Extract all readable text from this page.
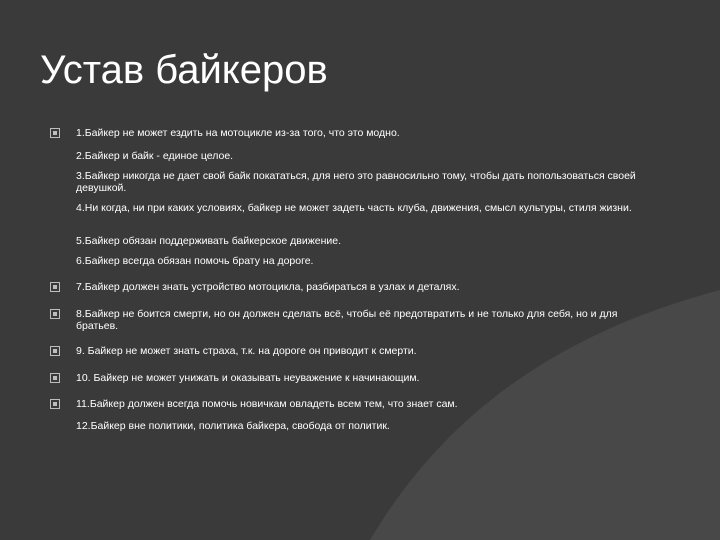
Устав байкеров

1.Байкер не может ездить на мотоцикле из-за того, что это модно.

2.Байкер и байк - единое целое.

3.Байкер никогда не дает свой байк покататься, для него это равносильно тому, чтобы дать попользоваться своей девушкой.

4.Ни когда, ни при каких условиях, байкер не может задеть часть клуба, движения, смысл культуры, стиля жизни.

5.Байкер обязан поддерживать байкерское движение.

6.Байкер всегда обязан помочь брату на дороге.

7.Байкер должен знать устройство мотоцикла, разбираться в узлах и деталях.

8.Байкер не боится смерти, но он должен сделать всё, чтобы её предотвратить и не только для себя, но и для братьев.

9. Байкер не может знать страха, т.к. на дороге он приводит к смерти.

10. Байкер не может унижать и оказывать неуважение к начинающим.

11.Байкер должен всегда помочь новичкам овладеть всем тем, что знает сам.

12.Байкер вне политики, политика байкера, свобода от политик.
